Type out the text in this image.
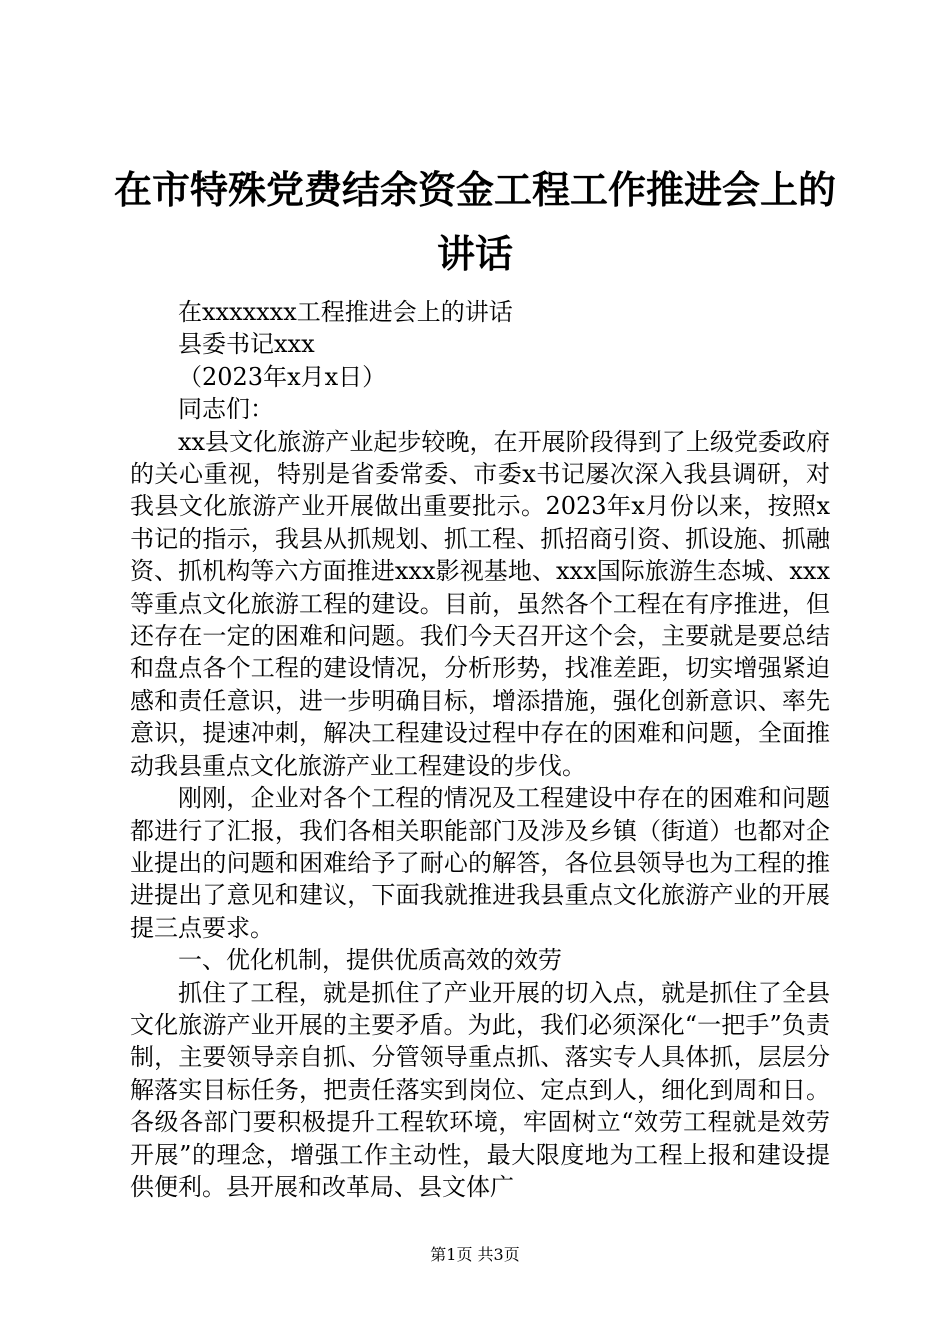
在市特殊党费结余资金工程工作推进会上的讲话

在xxxxxxx工程推进会上的讲话

县委书记xxx

（2023年x月x日）

同志们：

xx县文化旅游产业起步较晚，在开展阶段得到了上级党委政府的关心重视，特别是省委常委、市委x书记屡次深入我县调研，对我县文化旅游产业开展做出重要批示。2023年x月份以来，按照x书记的指示，我县从抓规划、抓工程、抓招商引资、抓设施、抓融资、抓机构等六方面推进xxx影视基地、xxx国际旅游生态城、xxx等重点文化旅游工程的建设。目前，虽然各个工程在有序推进，但还存在一定的困难和问题。我们今天召开这个会，主要就是要总结和盘点各个工程的建设情况，分析形势，找准差距，切实增强紧迫感和责任意识，进一步明确目标，增添措施，强化创新意识、率先意识，提速冲刺，解决工程建设过程中存在的困难和问题，全面推动我县重点文化旅游产业工程建设的步伐。

刚刚，企业对各个工程的情况及工程建设中存在的困难和问题都进行了汇报，我们各相关职能部门及涉及乡镇（街道）也都对企业提出的问题和困难给予了耐心的解答，各位县领导也为工程的推进提出了意见和建议，下面我就推进我县重点文化旅游产业的开展提三点要求。

一、优化机制，提供优质高效的效劳

抓住了工程，就是抓住了产业开展的切入点，就是抓住了全县文化旅游产业开展的主要矛盾。为此，我们必须深化“一把手”负责制，主要领导亲自抓、分管领导重点抓、落实专人具体抓，层层分解落实目标任务，把责任落实到岗位、定点到人，细化到周和日。各级各部门要积极提升工程软环境，牢固树立“效劳工程就是效劳开展”的理念，增强工作主动性，最大限度地为工程上报和建设提供便利。县开展和改革局、县文体广

第1页 共3页
